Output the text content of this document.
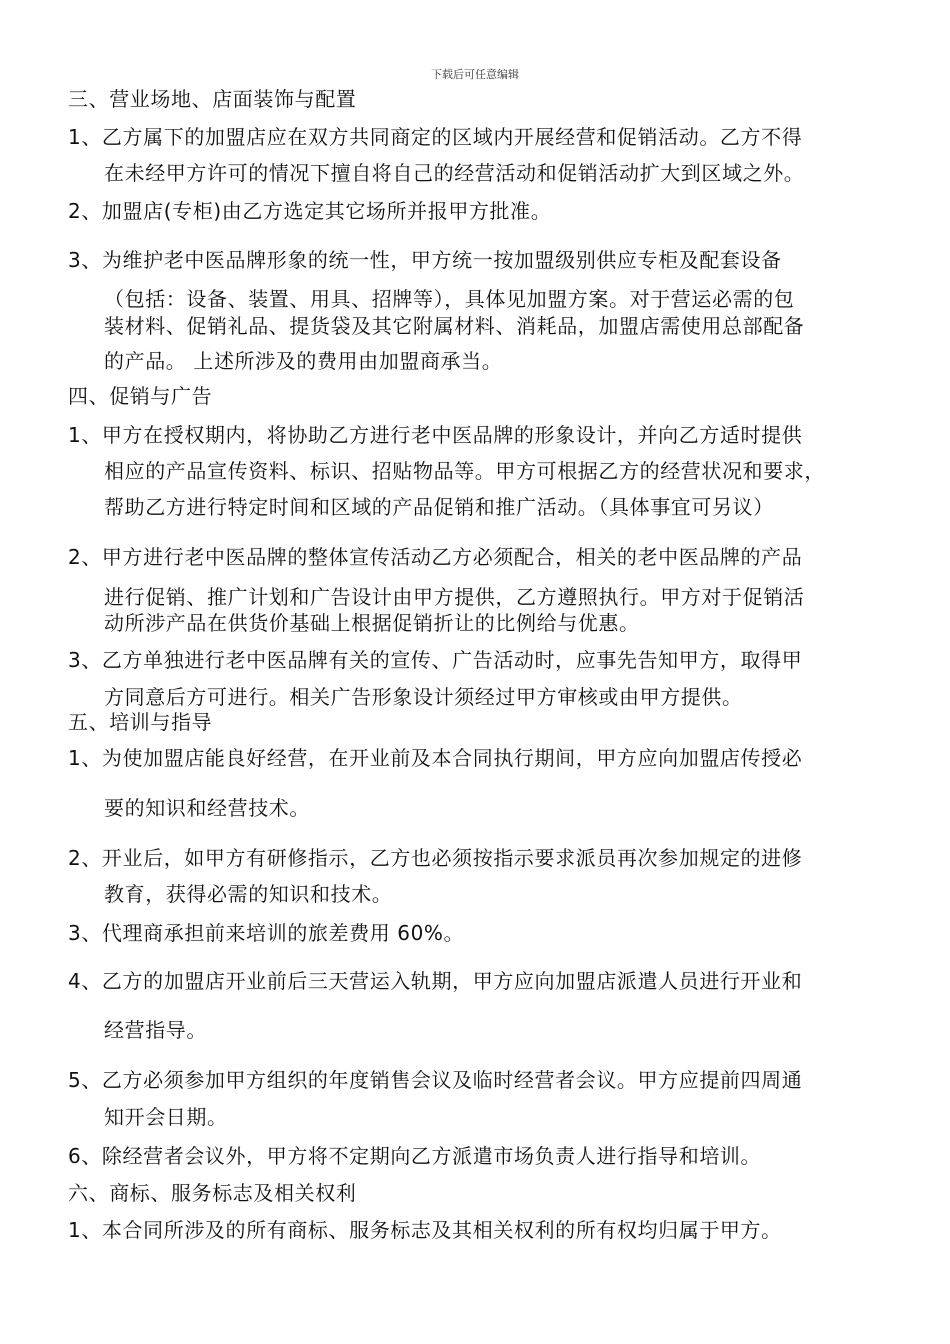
下载后可任意编辑
三、营业场地、店面装饰与配置
1、乙方属下的加盟店应在双方共同商定的区域内开展经营和促销活动。乙方不得
在未经甲方许可的情况下擅自将自己的经营活动和促销活动扩大到区域之外。
2、加盟店(专柜)由乙方选定其它场所并报甲方批准。
3、为维护老中医品牌形象的统一性，甲方统一按加盟级别供应专柜及配套设备
（包括：设备、装置、用具、招牌等），具体见加盟方案。对于营运必需的包
装材料、促销礼品、提货袋及其它附属材料、消耗品，加盟店需使用总部配备
的产品。 上述所涉及的费用由加盟商承当。
四、促销与广告
1、甲方在授权期内，将协助乙方进行老中医品牌的形象设计，并向乙方适时提供
相应的产品宣传资料、标识、招贴物品等。甲方可根据乙方的经营状况和要求，
帮助乙方进行特定时间和区域的产品促销和推广活动。（具体事宜可另议）
2、甲方进行老中医品牌的整体宣传活动乙方必须配合，相关的老中医品牌的产品
进行促销、推广计划和广告设计由甲方提供，乙方遵照执行。甲方对于促销活
动所涉产品在供货价基础上根据促销折让的比例给与优惠。
3、乙方单独进行老中医品牌有关的宣传、广告活动时，应事先告知甲方，取得甲
方同意后方可进行。相关广告形象设计须经过甲方审核或由甲方提供。
五、培训与指导
1、为使加盟店能良好经营，在开业前及本合同执行期间，甲方应向加盟店传授必
要的知识和经营技术。
2、开业后，如甲方有研修指示，乙方也必须按指示要求派员再次参加规定的进修
教育，获得必需的知识和技术。
3、代理商承担前来培训的旅差费用 60%。
4、乙方的加盟店开业前后三天营运入轨期，甲方应向加盟店派遣人员进行开业和
经营指导。
5、乙方必须参加甲方组织的年度销售会议及临时经营者会议。甲方应提前四周通
知开会日期。
6、除经营者会议外，甲方将不定期向乙方派遣市场负责人进行指导和培训。
六、商标、服务标志及相关权利
1、本合同所涉及的所有商标、服务标志及其相关权利的所有权均归属于甲方。
